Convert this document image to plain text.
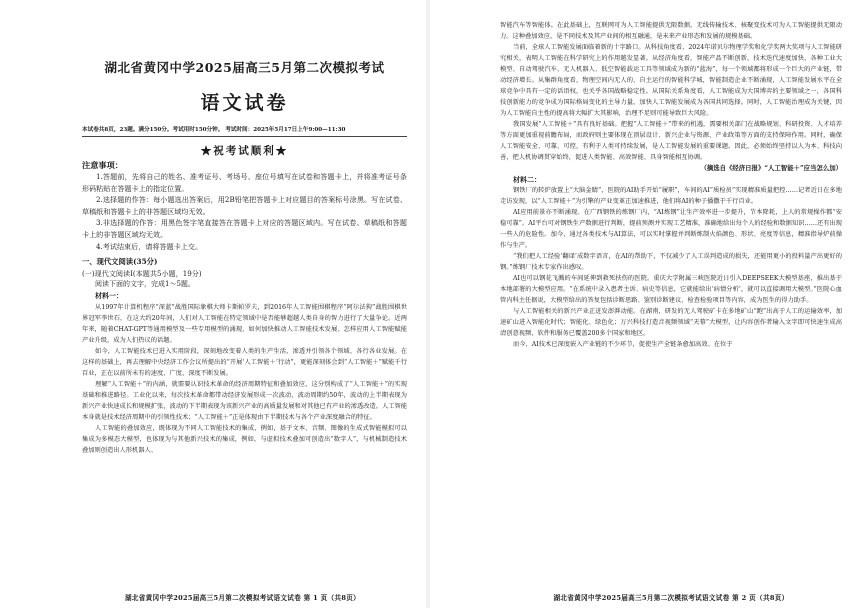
湖北省黄冈中学2025届高三5月第二次模拟考试
语文试卷
本试卷共8页，23题。满分150分。考试用时150分钟。 考试时间：2025年5月17日上午9:00—11:30
★祝考试顺利★
注意事项：

1.答题前，先将自己的姓名、准考证号、考场号、座位号填写在试卷和答题卡上，并将准考证号条形码粘贴在答题卡上的指定位置。

2.选择题的作答：每小题选出答案后，用2B铅笔把答题卡上对应题目的答案标号涂黑。写在试卷、草稿纸和答题卡上的非答题区域均无效。

3.非选择题的作答：用黑色签字笔直接答在答题卡上对应的答题区域内。写在试卷、草稿纸和答题卡上的非答题区域均无效。

4.考试结束后，请将答题卡上交。

一、现代文阅读(35分)
(一)现代文阅读Ⅰ(本题共5小题，19分)
阅读下面的文字，完成1～5题。
材料一：

从1997年计算机程序“深蓝”战胜国际象棋大师卡斯帕罗夫，到2016年人工智能围棋程序“阿尔法狗”战胜围棋世界冠军李世石，在这大约20年间，人们对人工智能在特定领域中是否能够超越人类自身的智力进行了大量争论。近两年来，随着CHAT-GPT等通用模型及一些专用模型的涌现，如何加快推动人工智能技术发展、怎样应用人工智能赋能产业升级，成为人们热议的话题。

如今，人工智能技术已进入实用阶段，深刻地改变着人类的生产生活，渗透并引领各个领域、各行各业发展。在这样的基础上，再去理解中央经济工作会议所提出的“开展‘人工智能＋’行动”，更能深刻体会到“人工智能＋”赋能千行百业，正在以前所未有的速度、广度、深度不断发展。

理解“人工智能＋”的内涵，就需要认识技术革命的经济周期特征和叠加效应，这分别构成了“人工智能＋”的实现基础和推进路径。工业化以来，每次技术革命都带动经济发展形成一次波动，波动周期约50年，波动的上半期表现为新兴产业快速成长和规模扩张，波动的下半期表现为该新兴产业的高质量发展和对其他已有产业的渗透改造。人工智能本身就是技术经济周期中的引领性技术；“人工智能＋”正是体现由下半期技术与各个产业深度融合的特征。

人工智能的叠加效应，既体现为不同人工智能技术的集成，例如，基于文本、音频、图像的生成式智能模拟可以集成为多模态大模型，也体现为与其他新兴技术的集成，例如，与虚拟技术叠加可创造出“数字人”，与机械制造技术叠加则创造出人形机器人、

湖北省黄冈中学2025届高三5月第二次模拟考试语文试卷 第 1 页（共8页）

智能汽车等智能体。在此基础上，互联网可为人工智能提供无限数据，无线传输技术、核聚变技术可为人工智能提供无限动力。这种叠加效应，是不同技术及其产业间的相互融通，是未来产业形态和发展的规模基础。

当前，全球人工智能发展面临着新的十字路口。从科技角度看，2024年诺贝尔物理学奖和化学奖两大奖项与人工智能研究相关，表明人工智能在科学研究上的作用越发显著。从经济角度看，智能产品不断创新，技术迭代速度加快，各种工业大模型、自动驾驶汽车、无人机器人、低空智能载运工具等领域成为新的“蓝海”，每一个领域都将形成一个巨大的产业链，带动经济增长。从集群角度看，物理空间内无人的、自主运行的智能科学城，智能制造企业不断涌现，人工智能发展水平在全球竞争中具有一定的话语权，也关乎各国战略稳定性。从国际关系角度看，人工智能成为大国博弈的主要领域之一，各国科技创新能力的竞争成为国际格局变化的主导力量，加快人工智能发展成为各国共同选择。同时，人工智能治理成为关键，因为人工智能自主性的提高将大幅扩大其影响，治理不足则可能导致巨大风险。

我国发展“人工智能＋”具有良好基础。把握“人工智能＋”带来的机遇，需要相关部门在战略规划、科研投资、人才培养等方面更加重视前瞻布局，而政府则主要体现在顶层设计、新兴企业与资源、产业政策等方面的支持保障作用。同时，确保人工智能安全、可靠、可控，有利于人类可持续发展，是人工智能发展的重要课题。因此，必须始终坚持以人为本、科技向善，把人机协调贯穿始终，促进人类智能、高效智能、具身智能相互协调。

（摘选自《经济日报》“人工智能＋”应当怎么加）
材料二：

钢铁厂的转炉放置上“大脑金睛”，医院的AI助手开始“履职”，车间的AI“质检员”实现精准质量把控……记者近日在多地走访发现，以“人工智能＋”为引擎的产业变革正加速推进，他们将AI的种子播撒于千行百业。

AI应用前景亦不断涌现。在广西钢铁的炼钢厂内，“AI炼钢”让生产效率进一步提升，节本降耗，上人的常规操作都“安稳可靠”。AI平台可对钢铁生产数据进行判断，提前预测并实现工艺精准，准确地给出每个人的经验和数据知识……还有出现一些人的危险性。加今，通过各类技术与AI算法，可以实时掌握并判断炼制火焰颜色、形状、亮度等信息，精准指导炉前操作与生产。

“我们把人工经验‘翻译’成数字语言，在AI的帮助下，不仅减少了人工误判造成的损失，还能用更小的投料量产出更好的钢。”炼钢厂技术专家作出感叹。

AI也可以钢花飞溅的车间延伸到救死扶伤的医院。重庆大学附属三峡医院近日引入DEEPSEEK大模型基座，推出基于本地部署的大模型应用。“在系统中录入患者主诉、病史等信息，它就能给出‘病情分析’，就可以直接调用大模型。”医院心血管内科主任据说，大模型给出的答复包括诊断思路、鉴别诊断建议、检查检验项目等内容，成为医生的得力助手。

与人工智能相关的新兴产业正迸发澎湃动能。在湖南，研发的无人驾驶矿卡在多地矿山“跑”出高于人工的运输效率，加速矿山进入智能化时代；智能化、绿色化；万兴科技打造音视频领域“天幕”大模型，让内容创作者输入文字即可快速生成高清创意视频，软件和服务已覆盖200多个国家和地区。

而今，AI技术已深度嵌入产业链的不少环节，促使生产全链条愈加高效。在位于

湖北省黄冈中学2025届高三5月第二次模拟考试语文试卷 第 2 页（共8页）
